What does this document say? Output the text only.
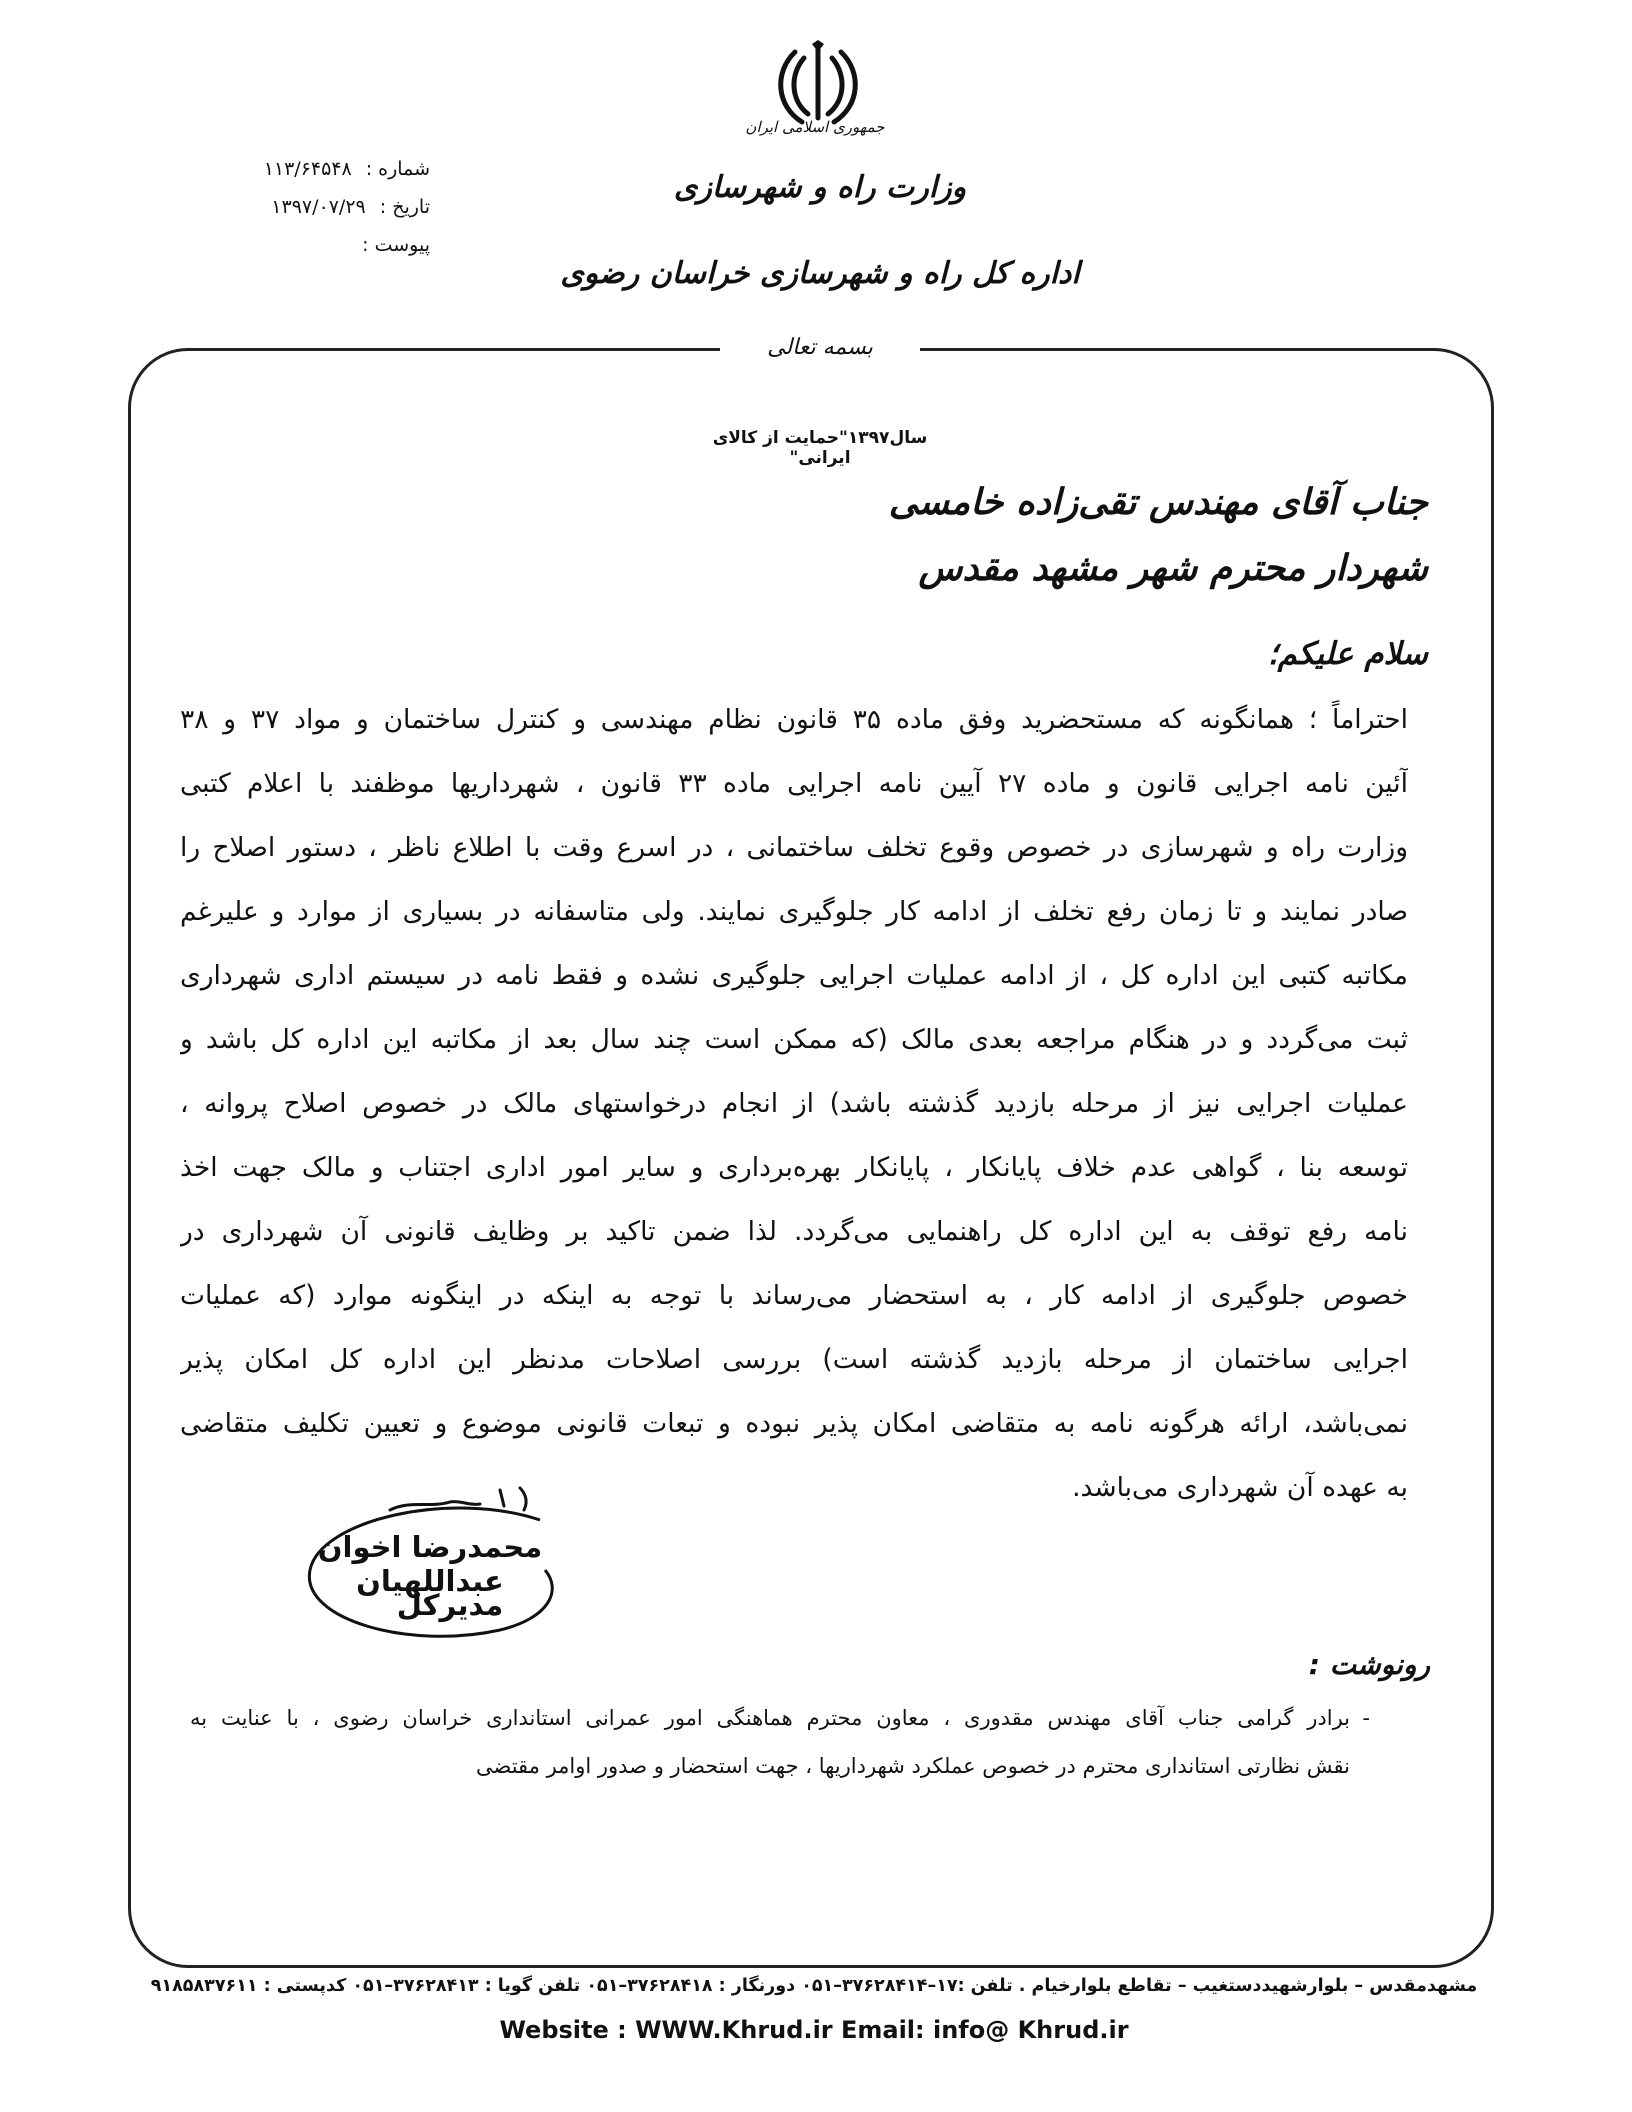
جمهوری اسلامی ایران
وزارت راه و شهرسازی
اداره کل راه و شهرسازی خراسان رضوی
شماره :
۱۱۳/۶۴۵۴۸
تاریخ :
۱۳۹۷/۰۷/۲۹
پیوست :
بسمه تعالی
سال۱۳۹۷"حمایت از کالای ایرانی"
جناب آقای مهندس تقی‌زاده خامسی
شهردار محترم شهر مشهد مقدس
سلام علیکم؛
احتراماً ؛ همانگونه که مستحضرید وفق ماده ۳۵ قانون نظام مهندسی و کنترل ساختمان و مواد ۳۷ و ۳۸
آئین نامه اجرایی قانون و ماده ۲۷ آیین نامه اجرایی ماده ۳۳ قانون ، شهرداریها موظفند با اعلام کتبی
وزارت راه و شهرسازی در خصوص وقوع تخلف ساختمانی ، در اسرع وقت با اطلاع ناظر ، دستور اصلاح را
صادر نمایند و تا زمان رفع تخلف از ادامه کار جلوگیری نمایند. ولی متاسفانه در بسیاری از موارد و علیرغم
مکاتبه کتبی این اداره کل ، از ادامه عملیات اجرایی جلوگیری نشده و فقط نامه در سیستم اداری شهرداری
ثبت می‌گردد و در هنگام مراجعه بعدی مالک (که ممکن است چند سال بعد از مکاتبه این اداره کل باشد و
عملیات اجرایی نیز از مرحله بازدید گذشته باشد) از انجام درخواستهای مالک در خصوص اصلاح پروانه ،
توسعه بنا ، گواهی عدم خلاف پایانکار ، پایانکار بهره‌برداری و سایر امور اداری اجتناب و مالک جهت اخذ
نامه رفع توقف به این اداره کل راهنمایی می‌گردد. لذا ضمن تاکید بر وظایف قانونی آن شهرداری در
خصوص جلوگیری از ادامه کار ، به استحضار می‌رساند با توجه به اینکه در اینگونه موارد (که عملیات
اجرایی ساختمان از مرحله بازدید گذشته است) بررسی اصلاحات مدنظر این اداره کل امکان پذیر
نمی‌باشد، ارائه هرگونه نامه به متقاضی امکان پذیر نبوده و تبعات قانونی موضوع و تعیین تکلیف متقاضی
به عهده آن شهرداری می‌باشد.
محمدرضا اخوان عبداللهیان
مدیرکل
رونوشت :
-
برادر گرامی جناب آقای مهندس مقدوری ، معاون محترم هماهنگی امور عمرانی استانداری خراسان رضوی ، با عنایت به
نقش نظارتی استانداری محترم در خصوص عملکرد شهرداریها ، جهت استحضار و صدور اوامر مقتضی
مشهدمقدس – بلوارشهیددستغیب – تقاطع بلوارخیام . تلفن :۱۷–۳۷۶۲۸۴۱۴–۰۵۱ دورنگار : ۳۷۶۲۸۴۱۸–۰۵۱ تلفن گویا : ۳۷۶۲۸۴۱۳–۰۵۱ کدپستی : ۹۱۸۵۸۳۷۶۱۱
Website : WWW.Khrud.ir Email: info@ Khrud.ir
